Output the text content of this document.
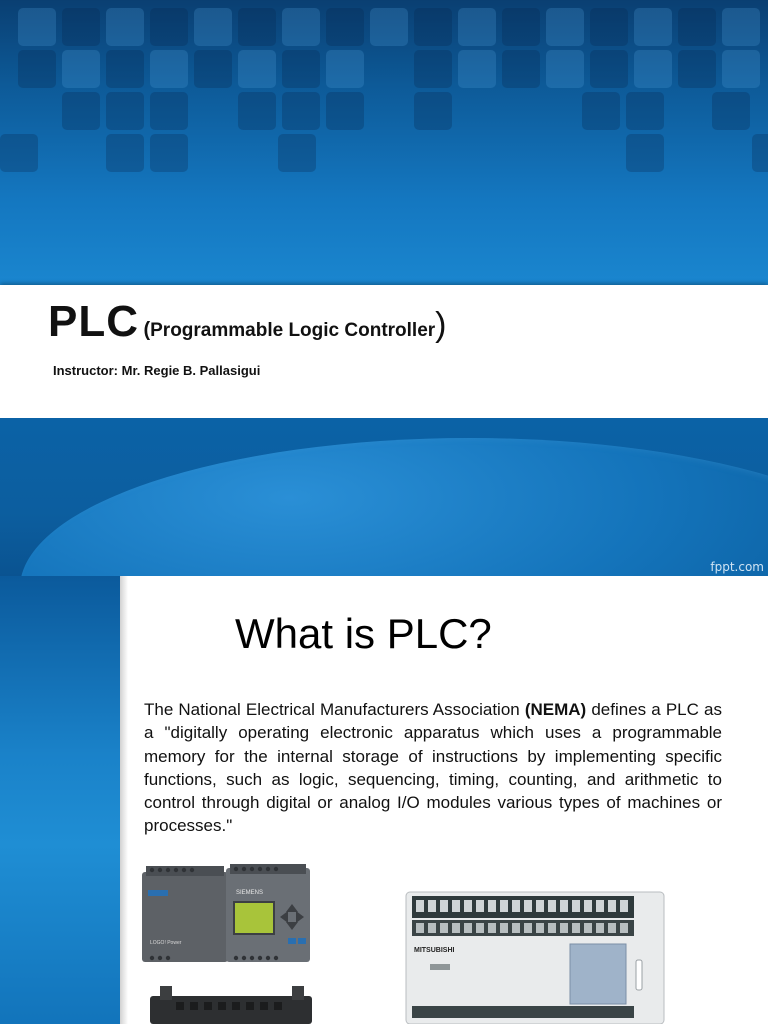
PLC (Programmable Logic Controller)
Instructor: Mr. Regie B. Pallasigui
fppt.com
What is PLC?
The National Electrical Manufacturers Association (NEMA) defines a PLC as a "digitally operating electronic apparatus which uses a programmable memory for the internal storage of instructions by implementing specific functions, such as logic, sequencing, timing, counting, and arithmetic to control through digital or analog I/O modules various types of machines or processes."
SIEMENS
LOGO! Power
MITSUBISHI
